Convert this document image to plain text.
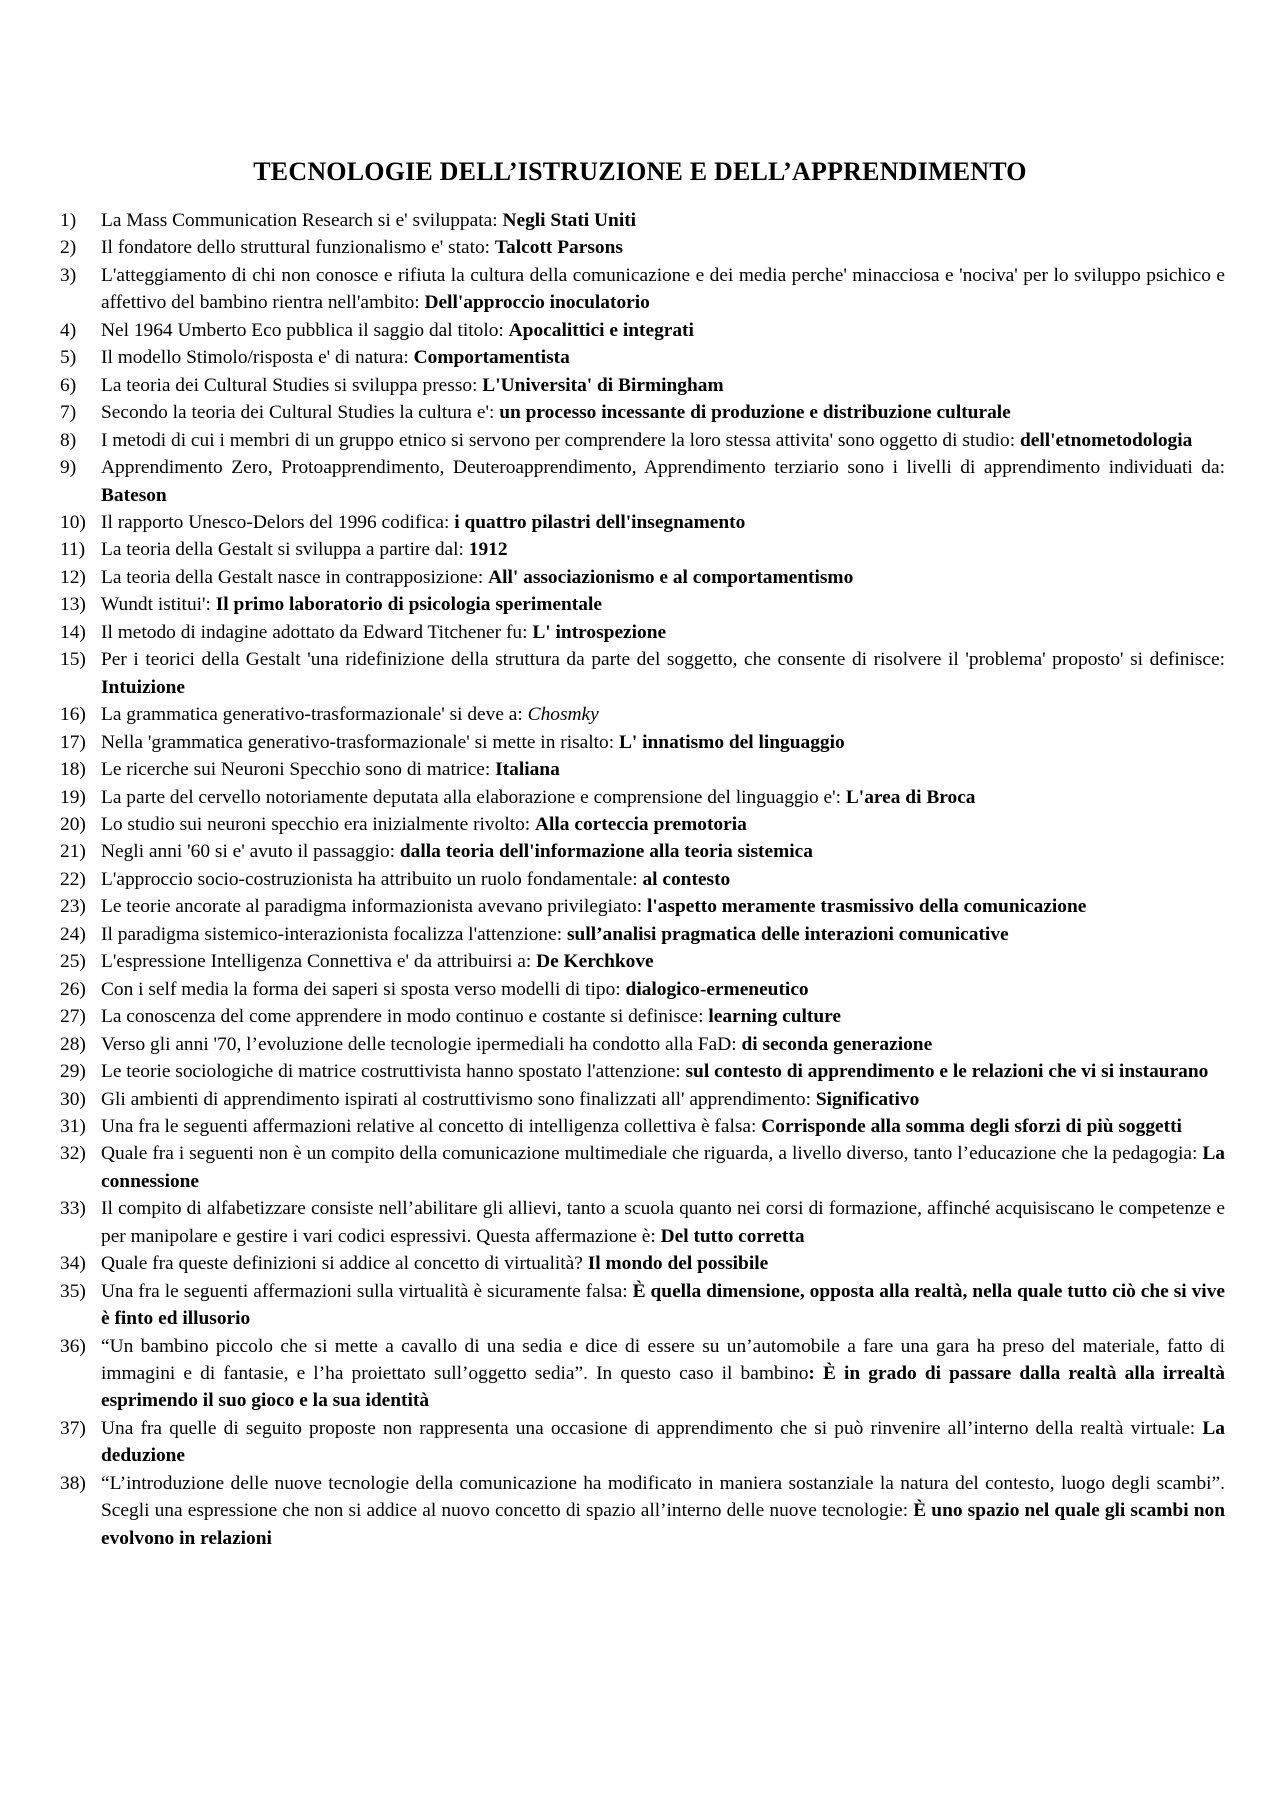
TECNOLOGIE DELL’ISTRUZIONE E DELL’APPRENDIMENTO
1) La Mass Communication Research si e' sviluppata: Negli Stati Uniti
2) Il fondatore dello struttural funzionalismo e' stato: Talcott Parsons
3) L'atteggiamento di chi non conosce e rifiuta la cultura della comunicazione e dei media perche' minacciosa e 'nociva' per lo sviluppo psichico e affettivo del bambino rientra nell'ambito: Dell'approccio inoculatorio
4) Nel 1964 Umberto Eco pubblica il saggio dal titolo: Apocalittici e integrati
5) Il modello Stimolo/risposta e' di natura: Comportamentista
6) La teoria dei Cultural Studies si sviluppa presso: L'Universita' di Birmingham
7) Secondo la teoria dei Cultural Studies la cultura e': un processo incessante di produzione e distribuzione culturale
8) I metodi di cui i membri di un gruppo etnico si servono per comprendere la loro stessa attivita' sono oggetto di studio: dell'etnometodologia
9) Apprendimento Zero, Protoapprendimento, Deuteroapprendimento, Apprendimento terziario sono i livelli di apprendimento individuati da: Bateson
10) Il rapporto Unesco-Delors del 1996 codifica: i quattro pilastri dell'insegnamento
11) La teoria della Gestalt si sviluppa a partire dal: 1912
12) La teoria della Gestalt nasce in contrapposizione: All' associazionismo e al comportamentismo
13) Wundt istitui': Il primo laboratorio di psicologia sperimentale
14) Il metodo di indagine adottato da Edward Titchener fu: L' introspezione
15) Per i teorici della Gestalt 'una ridefinizione della struttura da parte del soggetto, che consente di risolvere il 'problema' proposto' si definisce: Intuizione
16) La grammatica generativo-trasformazionale' si deve a: Chosmky
17) Nella 'grammatica generativo-trasformazionale' si mette in risalto: L' innatismo del linguaggio
18) Le ricerche sui Neuroni Specchio sono di matrice: Italiana
19) La parte del cervello notoriamente deputata alla elaborazione e comprensione del linguaggio e': L'area di Broca
20) Lo studio sui neuroni specchio era inizialmente rivolto: Alla corteccia premotoria
21) Negli anni '60 si e' avuto il passaggio: dalla teoria dell'informazione alla teoria sistemica
22) L'approccio socio-costruzionista ha attribuito un ruolo fondamentale: al contesto
23) Le teorie ancorate al paradigma informazionista avevano privilegiato: l'aspetto meramente trasmissivo della comunicazione
24) Il paradigma sistemico-interazionista focalizza l'attenzione: sull’analisi pragmatica delle interazioni comunicative
25) L'espressione Intelligenza Connettiva e' da attribuirsi a: De Kerchkove
26) Con i self media la forma dei saperi si sposta verso modelli di tipo: dialogico-ermeneutico
27) La conoscenza del come apprendere in modo continuo e costante si definisce: learning culture
28) Verso gli anni '70, l’evoluzione delle tecnologie ipermediali ha condotto alla FaD: di seconda generazione
29) Le teorie sociologiche di matrice costruttivista hanno spostato l'attenzione: sul contesto di apprendimento e le relazioni che vi si instaurano
30) Gli ambienti di apprendimento ispirati al costruttivismo sono finalizzati all' apprendimento: Significativo
31) Una fra le seguenti affermazioni relative al concetto di intelligenza collettiva è falsa: Corrisponde alla somma degli sforzi di più soggetti
32) Quale fra i seguenti non è un compito della comunicazione multimediale che riguarda, a livello diverso, tanto l’educazione che la pedagogia: La connessione
33) Il compito di alfabetizzare consiste nell’abilitare gli allievi, tanto a scuola quanto nei corsi di formazione, affinché acquisiscano le competenze e per manipolare e gestire i vari codici espressivi. Questa affermazione è: Del tutto corretta
34) Quale fra queste definizioni si addice al concetto di virtualità? Il mondo del possibile
35) Una fra le seguenti affermazioni sulla virtualità è sicuramente falsa: È quella dimensione, opposta alla realtà, nella quale tutto ciò che si vive è finto ed illusorio
36) “Un bambino piccolo che si mette a cavallo di una sedia e dice di essere su un’automobile a fare una gara ha preso del materiale, fatto di immagini e di fantasie, e l’ha proiettato sull’oggetto sedia”. In questo caso il bambino: È in grado di passare dalla realtà alla irrealtà esprimendo il suo gioco e la sua identità
37) Una fra quelle di seguito proposte non rappresenta una occasione di apprendimento che si può rinvenire all’interno della realtà virtuale: La deduzione
38) “L’introduzione delle nuove tecnologie della comunicazione ha modificato in maniera sostanziale la natura del contesto, luogo degli scambi”. Scegli una espressione che non si addice al nuovo concetto di spazio all’interno delle nuove tecnologie: È uno spazio nel quale gli scambi non evolvono in relazioni
